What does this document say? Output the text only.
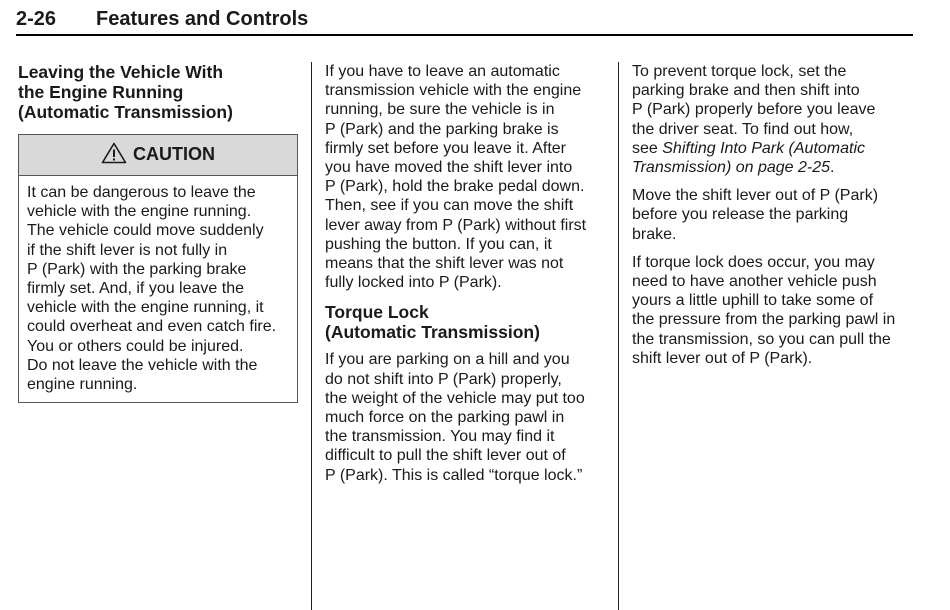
2-26	Features and Controls
Leaving the Vehicle With
the Engine Running
(Automatic Transmission)
CAUTION
It can be dangerous to leave the
vehicle with the engine running.
The vehicle could move suddenly
if the shift lever is not fully in
P (Park) with the parking brake
firmly set. And, if you leave the
vehicle with the engine running, it
could overheat and even catch fire.
You or others could be injured.
Do not leave the vehicle with the
engine running.

If you have to leave an automatic
transmission vehicle with the engine
running, be sure the vehicle is in
P (Park) and the parking brake is
firmly set before you leave it. After
you have moved the shift lever into
P (Park), hold the brake pedal down.
Then, see if you can move the shift
lever away from P (Park) without first
pushing the button. If you can, it
means that the shift lever was not
fully locked into P (Park).

Torque Lock
(Automatic Transmission)

If you are parking on a hill and you
do not shift into P (Park) properly,
the weight of the vehicle may put too
much force on the parking pawl in
the transmission. You may find it
difficult to pull the shift lever out of
P (Park). This is called “torque lock.”

To prevent torque lock, set the
parking brake and then shift into
P (Park) properly before you leave
the driver seat. To find out how,
see Shifting Into Park (Automatic
Transmission) on page 2-25.

Move the shift lever out of P (Park)
before you release the parking
brake.

If torque lock does occur, you may
need to have another vehicle push
yours a little uphill to take some of
the pressure from the parking pawl in
the transmission, so you can pull the
shift lever out of P (Park).
